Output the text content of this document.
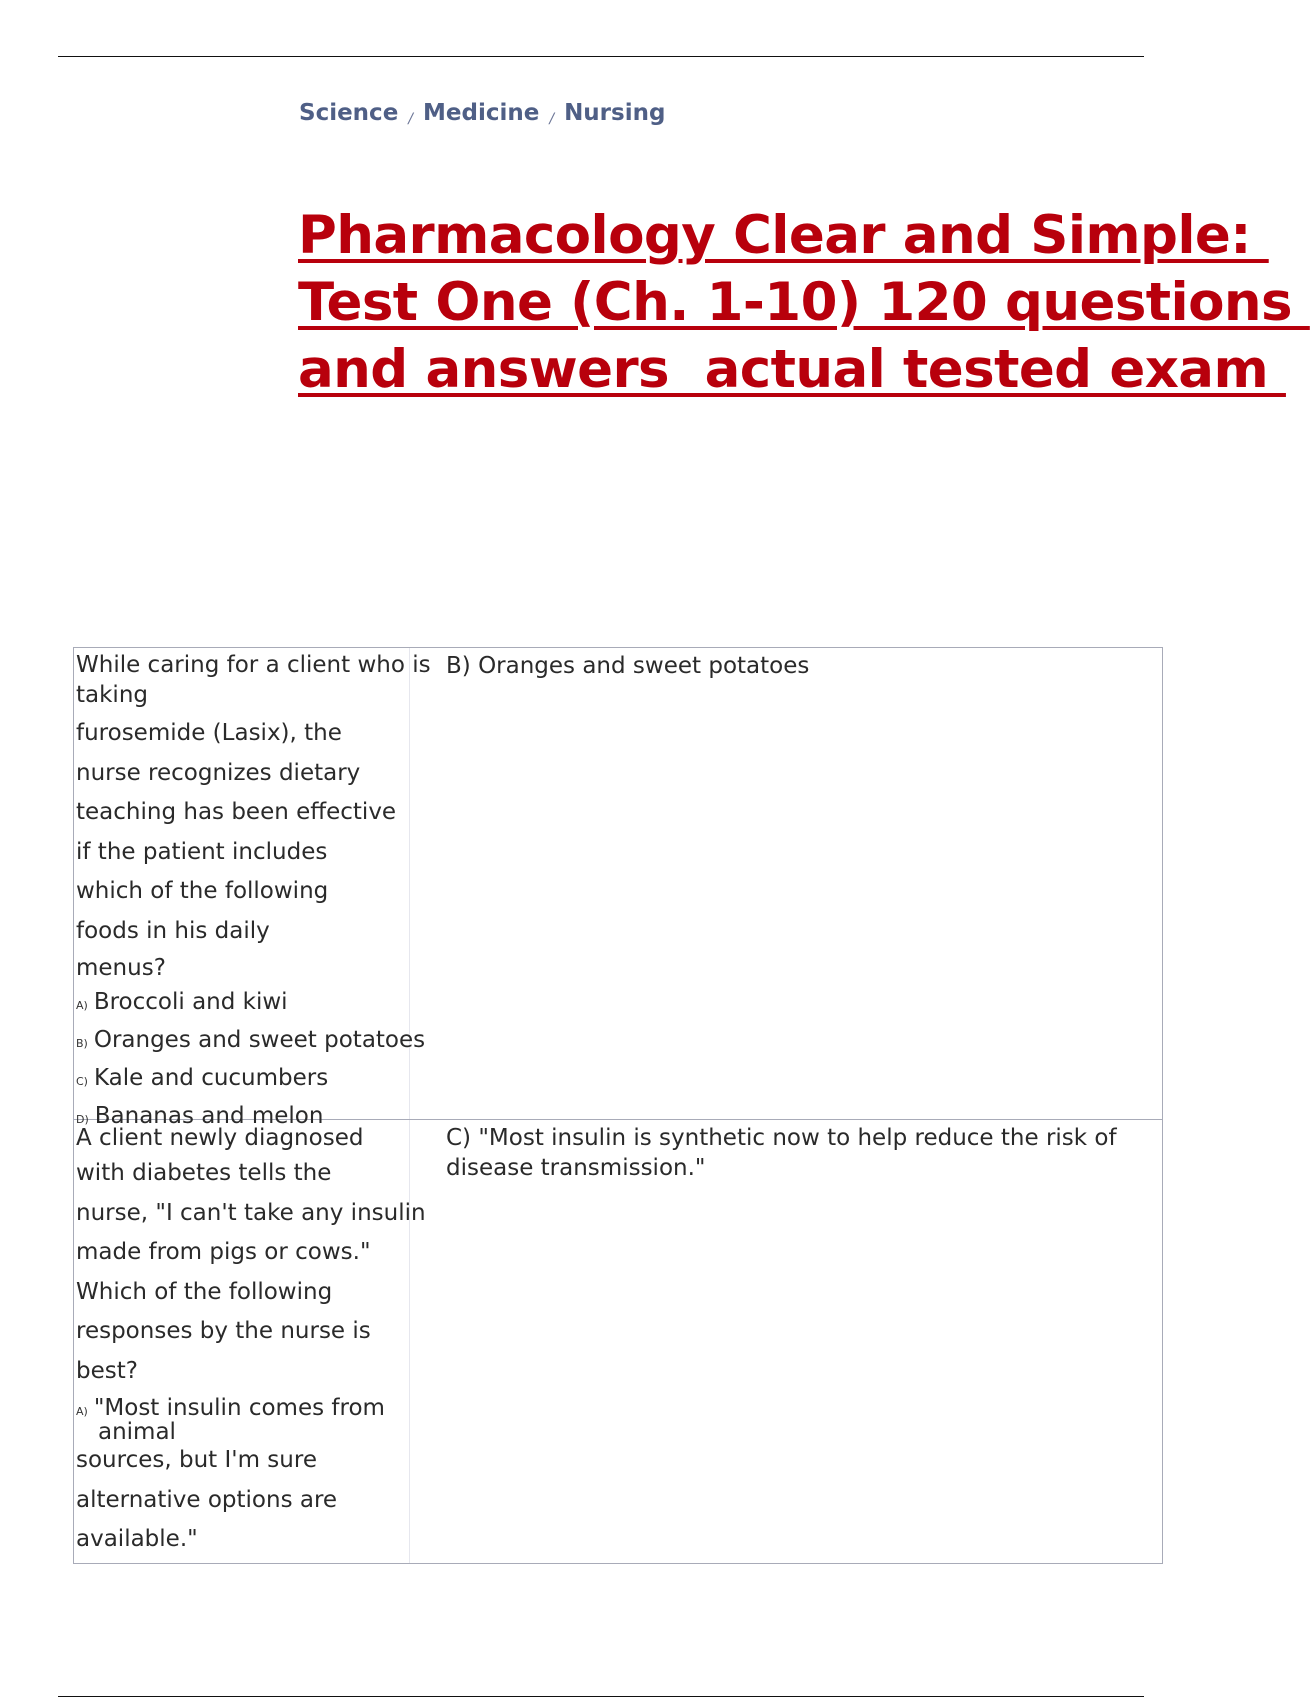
Science / Medicine / Nursing
Pharmacology Clear and Simple:
Test One (Ch. 1-10) 120 questions
and answers  actual tested exam
While caring for a client who is
taking
furosemide (Lasix), the
nurse recognizes dietary
teaching has been effective
if the patient includes
which of the following
foods in his daily
menus?
A) Broccoli and kiwi
B) Oranges and sweet potatoes
C) Kale and cucumbers
D) Bananas and melon
B) Oranges and sweet potatoes
A client newly diagnosed
with diabetes tells the
nurse, "I can't take any insulin
made from pigs or cows."
Which of the following
responses by the nurse is
best?
A) "Most insulin comes from
animal
sources, but I'm sure
alternative options are
available."
C) "Most insulin is synthetic now to help reduce the risk of disease transmission."
